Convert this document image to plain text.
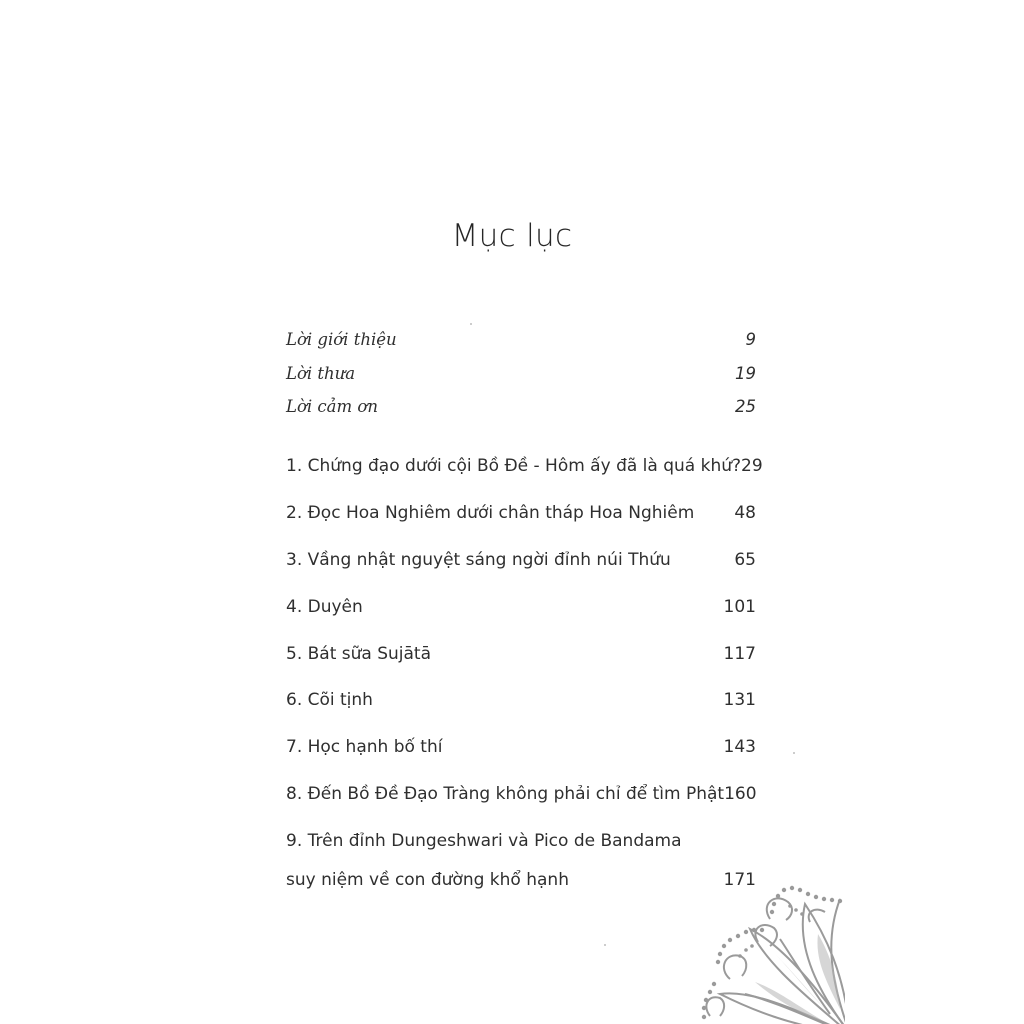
Mục lục
Lời giới thiệu	9
Lời thưa	19
Lời cảm ơn	25
1. Chứng đạo dưới cội Bồ Đề - Hôm ấy đã là quá khứ? 29
2. Đọc Hoa Nghiêm dưới chân tháp Hoa Nghiêm 48
3. Vầng nhật nguyệt sáng ngời đỉnh núi Thứu	65
4. Duyên	101
5. Bát sữa Sujātā	117
6. Cõi tịnh	131
7. Học hạnh bố thí	143
8. Đến Bồ Đề Đạo Tràng không phải chỉ để tìm Phật 160
9. Trên đỉnh Dungeshwari và Pico de Bandama
suy niệm về con đường khổ hạnh	171
